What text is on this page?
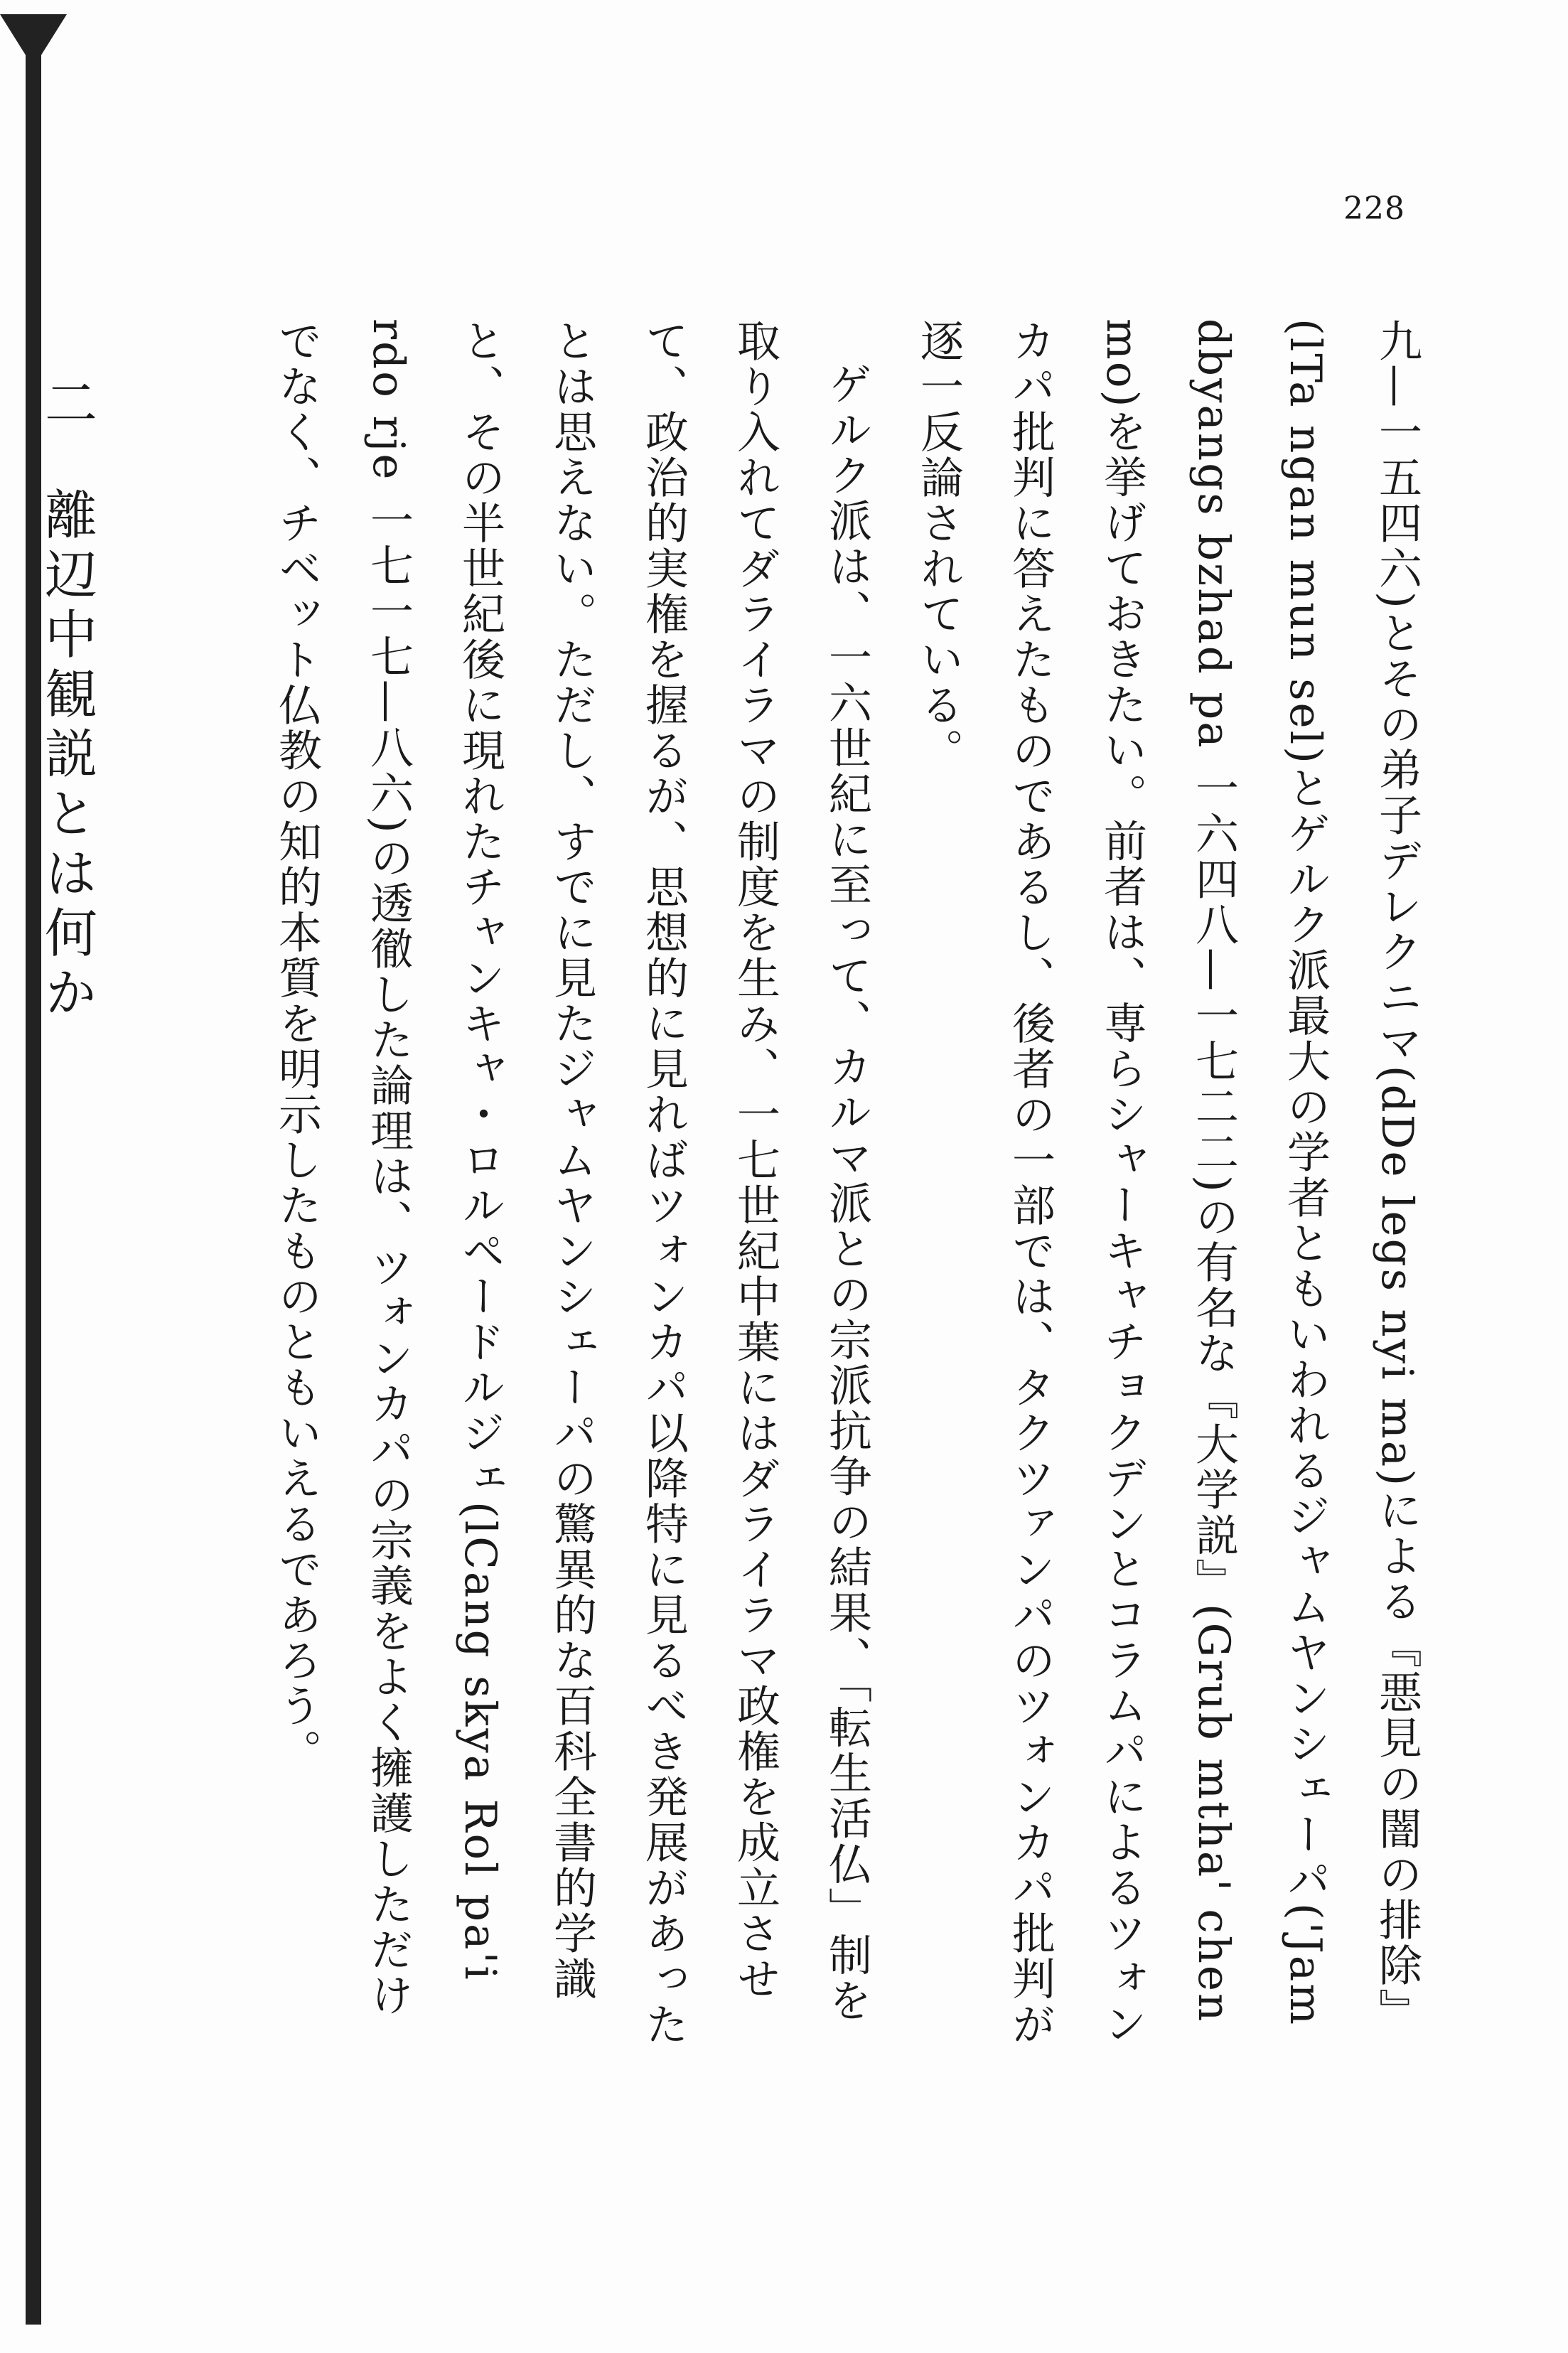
228

九—一五四六)とその弟子デレクニマ(dDe legs nyi ma)による『悪見の闇の排除』(lTa ngan mun sel)とゲルク派最大の学者ともいわれるジャムヤンシェーパ('Jam dbyangs bzhad pa 一六四八—一七二二)の有名な『大学説』(Grub mtha' chen mo)を挙げておきたい。前者は、専らシャーキャチョクデンとコラムパによるツォンカパ批判に答えたものであるし、後者の一部では、タクツァンパのツォンカパ批判が逐一反論されている。

ゲルク派は、一六世紀に至って、カルマ派との宗派抗争の結果、「転生活仏」制を取り入れてダライラマの制度を生み、一七世紀中葉にはダライラマ政権を成立させて、政治的実権を握るが、思想的に見ればツォンカパ以降特に見るべき発展があったとは思えない。ただし、すでに見たジャムヤンシェーパの驚異的な百科全書的学識と、その半世紀後に現れたチャンキャ・ロルペードルジェ(lCang skya Rol pa'i rdo rje 一七一七—八六)の透徹した論理は、ツォンカパの宗義をよく擁護しただけでなく、チベット仏教の知的本質を明示したものともいえるであろう。

二 離辺中観説とは何か
